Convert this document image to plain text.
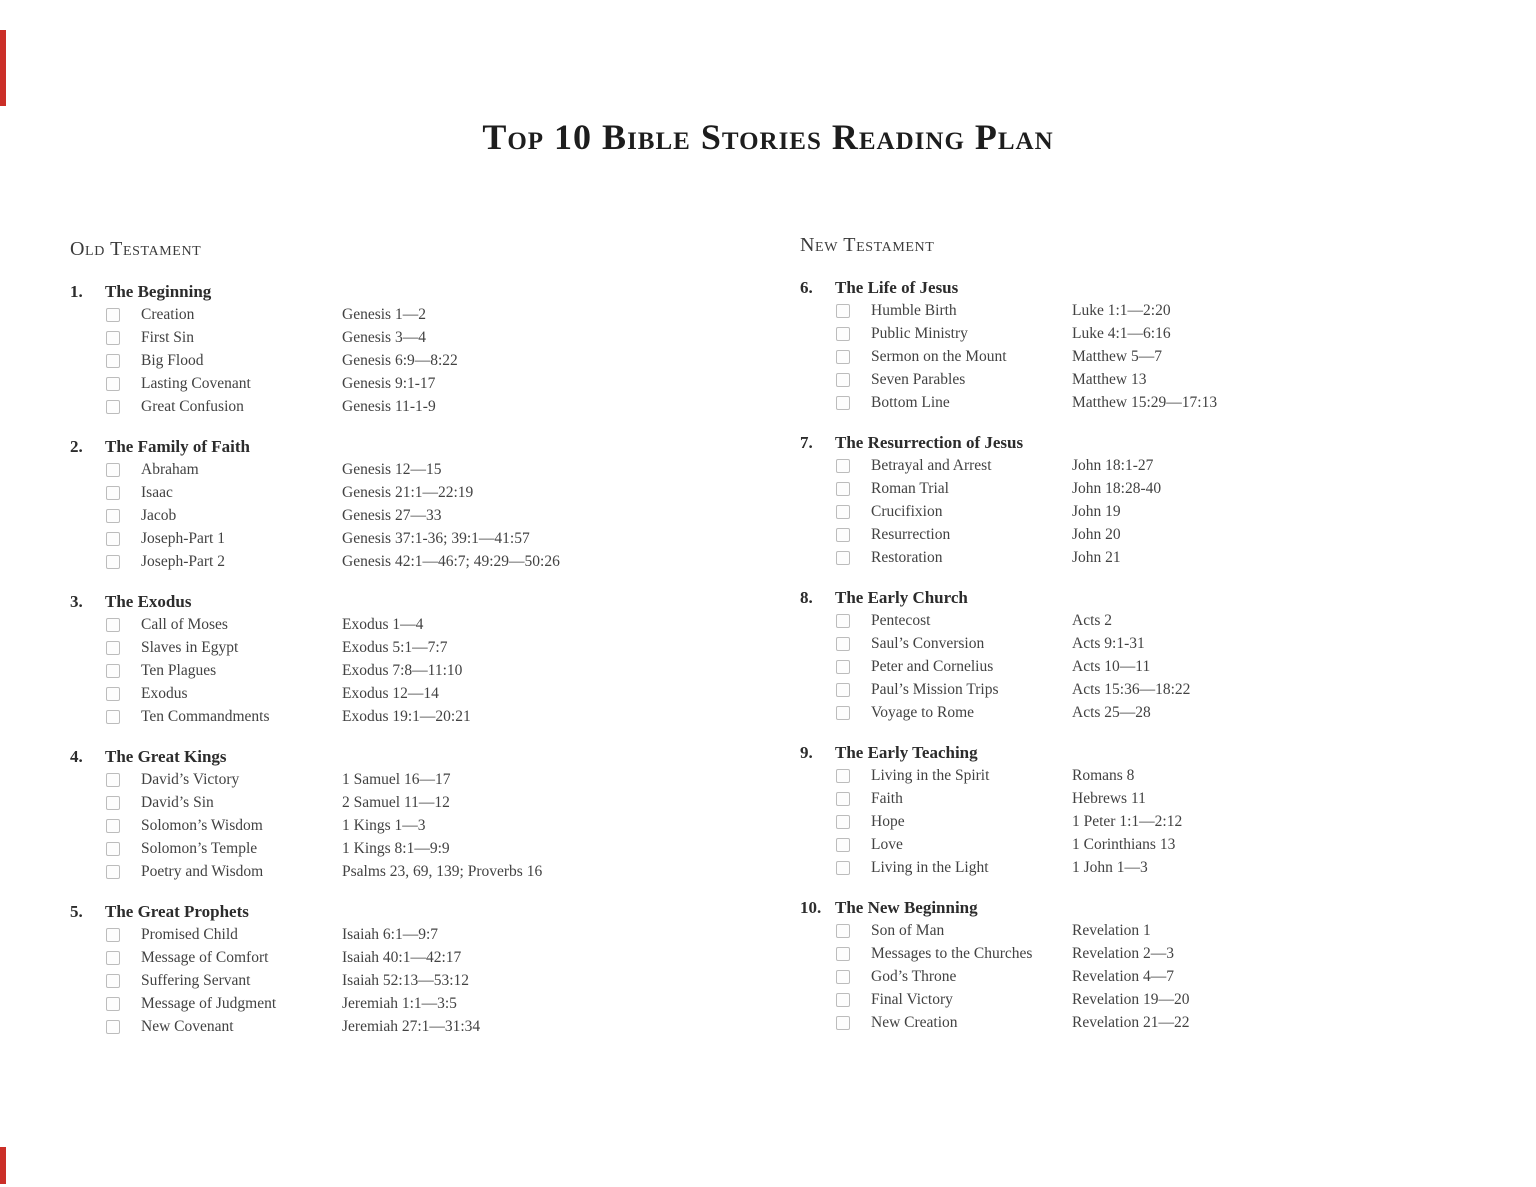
Top 10 Bible Stories Reading Plan
Old Testament
1.	The Beginning
Creation	Genesis 1—2
First Sin	Genesis 3—4
Big Flood	Genesis 6:9—8:22
Lasting Covenant	Genesis 9:1-17
Great Confusion	Genesis 11-1-9
2.	The Family of Faith
Abraham	Genesis 12—15
Isaac	Genesis 21:1—22:19
Jacob	Genesis 27—33
Joseph-Part 1	Genesis 37:1-36; 39:1—41:57
Joseph-Part 2	Genesis 42:1—46:7; 49:29—50:26
3.	The Exodus
Call of Moses	Exodus 1—4
Slaves in Egypt	Exodus 5:1—7:7
Ten Plagues	Exodus 7:8—11:10
Exodus	Exodus 12—14
Ten Commandments	Exodus 19:1—20:21
4.	The Great Kings
David’s Victory	1 Samuel 16—17
David’s Sin	2 Samuel 11—12
Solomon’s Wisdom	1 Kings 1—3
Solomon’s Temple	1 Kings 8:1—9:9
Poetry and Wisdom	Psalms 23, 69, 139; Proverbs 16
5.	The Great Prophets
Promised Child	Isaiah 6:1—9:7
Message of Comfort	Isaiah 40:1—42:17
Suffering Servant	Isaiah 52:13—53:12
Message of Judgment	Jeremiah 1:1—3:5
New Covenant	Jeremiah 27:1—31:34
New Testament
6.	The Life of Jesus
Humble Birth	Luke 1:1—2:20
Public Ministry	Luke 4:1—6:16
Sermon on the Mount	Matthew 5—7
Seven Parables	Matthew 13
Bottom Line	Matthew 15:29—17:13
7.	The Resurrection of Jesus
Betrayal and Arrest	John 18:1-27
Roman Trial	John 18:28-40
Crucifixion	John 19
Resurrection	John 20
Restoration	John 21
8.	The Early Church
Pentecost	Acts 2
Saul’s Conversion	Acts 9:1-31
Peter and Cornelius	Acts 10—11
Paul’s Mission Trips	Acts 15:36—18:22
Voyage to Rome	Acts 25—28
9.	The Early Teaching
Living in the Spirit	Romans 8
Faith	Hebrews 11
Hope	1 Peter 1:1—2:12
Love	1 Corinthians 13
Living in the Light	1 John 1—3
10. The New Beginning
Son of Man	Revelation 1
Messages to the Churches	Revelation 2—3
God’s Throne	Revelation 4—7
Final Victory	Revelation 19—20
New Creation	Revelation 21—22
